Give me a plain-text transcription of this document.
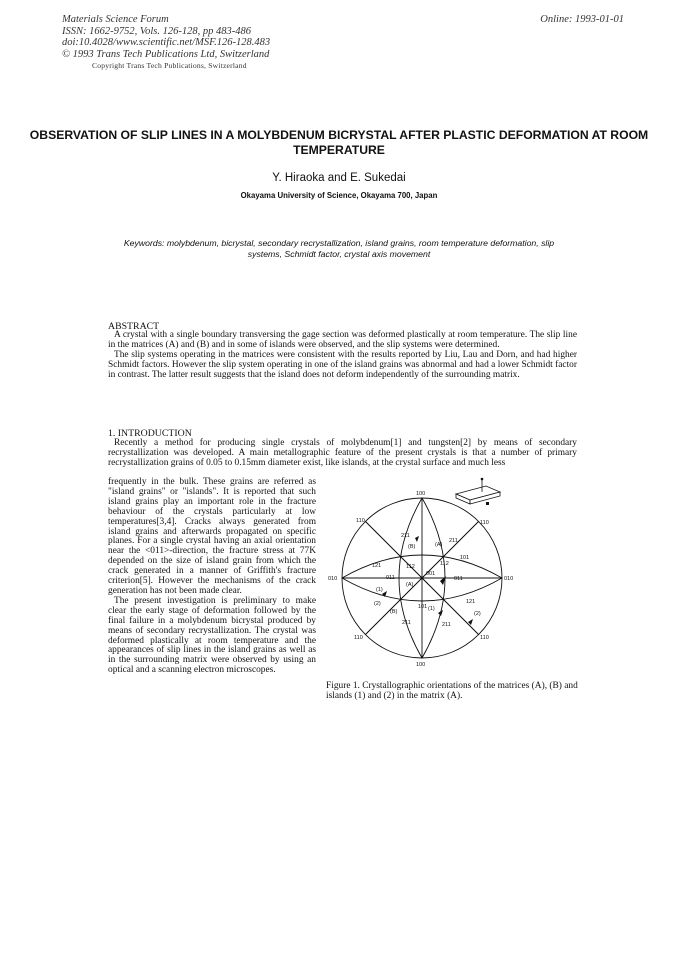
Materials Science Forum
ISSN: 1662-9752, Vols. 126-128, pp 483-486
doi:10.4028/www.scientific.net/MSF.126-128.483
© 1993 Trans Tech Publications Ltd, Switzerland
Copyright Trans Tech Publications, Switzerland
Online: 1993-01-01
OBSERVATION OF SLIP LINES IN A MOLYBDENUM BICRYSTAL AFTER PLASTIC DEFORMATION AT ROOM TEMPERATURE
Y. Hiraoka and E. Sukedai
Okayama University of Science, Okayama 700, Japan
Keywords: molybdenum, bicrystal, secondary recrystallization, island grains, room temperature deformation, slip systems, Schmidt factor, crystal axis movement
ABSTRACT

A crystal with a single boundary transversing the gage section was deformed plastically at room temperature. The slip line in the matrices (A) and (B) and in some of islands were observed, and the slip systems were determined.

The slip systems operating in the matrices were consistent with the results reported by Liu, Lau and Dorn, and had higher Schmidt factors. However the slip system operating in one of the island grains was abnormal and had a lower Schmidt factor in contrast. The latter result suggests that the island does not deform independently of the surrounding matrix.

1. INTRODUCTION

Recently a method for producing single crystals of molybdenum[1] and tungsten[2] by means of secondary recrystallization was developed. A main metallographic feature of the present crystals is that a number of primary recrystallization grains of 0.05 to 0.15mm diameter exist, like islands, at the crystal surface and much less

frequently in the bulk. These grains are referred as "island grains" or "islands". It is reported that such island grains play an important role in the fracture behaviour of the crystals particularly at low temperatures[3,4]. Cracks always generated from island grains and afterwards propagated on specific planes. For a single crystal having an axial orientation near the <011>-direction, the fracture stress at 77K depended on the size of island grain from which the crack generated in a manner of Griffith's fracture criterion[5]. However the mechanisms of the crack generation has not been made clear.

The present investigation is preliminary to make clear the early stage of deformation followed by the final failure in a molybdenum bicrystal produced by means of secondary recrystallization. The crystal was deformed plastically at room temperature and the appearances of slip lines in the island grains as well as in the surrounding matrix were observed by using an optical and a scanning electron microscopes.

100
100
010	010
110	110
110	110
001
211
211
211	211
121
121
112	112
011	011
101
101
(A)
(B)
(1)
(2)
(A)
(B)	(1)
(2)
Figure 1. Crystallographic orientations of the matrices (A), (B) and islands (1) and (2) in the matrix (A).
